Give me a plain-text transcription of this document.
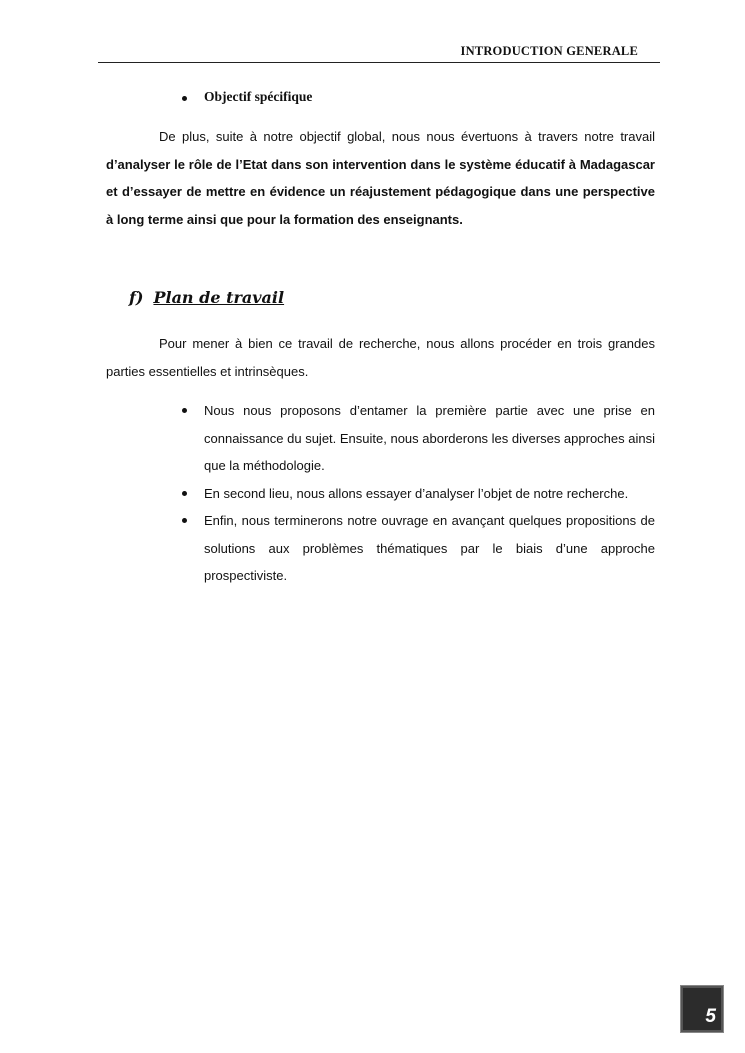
INTRODUCTION GENERALE
Objectif spécifique

De plus, suite à notre objectif global, nous nous évertuons à travers notre travail d’analyser le rôle de l’Etat dans son intervention dans le système éducatif à Madagascar et d’essayer de mettre en évidence un réajustement pédagogique dans une perspective à long terme ainsi que pour la formation des enseignants.

f) Plan de travail

Pour mener à bien ce travail de recherche, nous allons procéder en trois grandes parties essentielles et intrinsèques.

Nous nous proposons d’entamer la première partie avec une prise en connaissance du sujet. Ensuite, nous aborderons les diverses approches ainsi que la méthodologie.
En second lieu, nous allons essayer d’analyser l’objet de notre recherche.
Enfin, nous terminerons notre ouvrage en avançant quelques propositions de solutions aux problèmes thématiques par le biais d’une approche prospectiviste.
5
